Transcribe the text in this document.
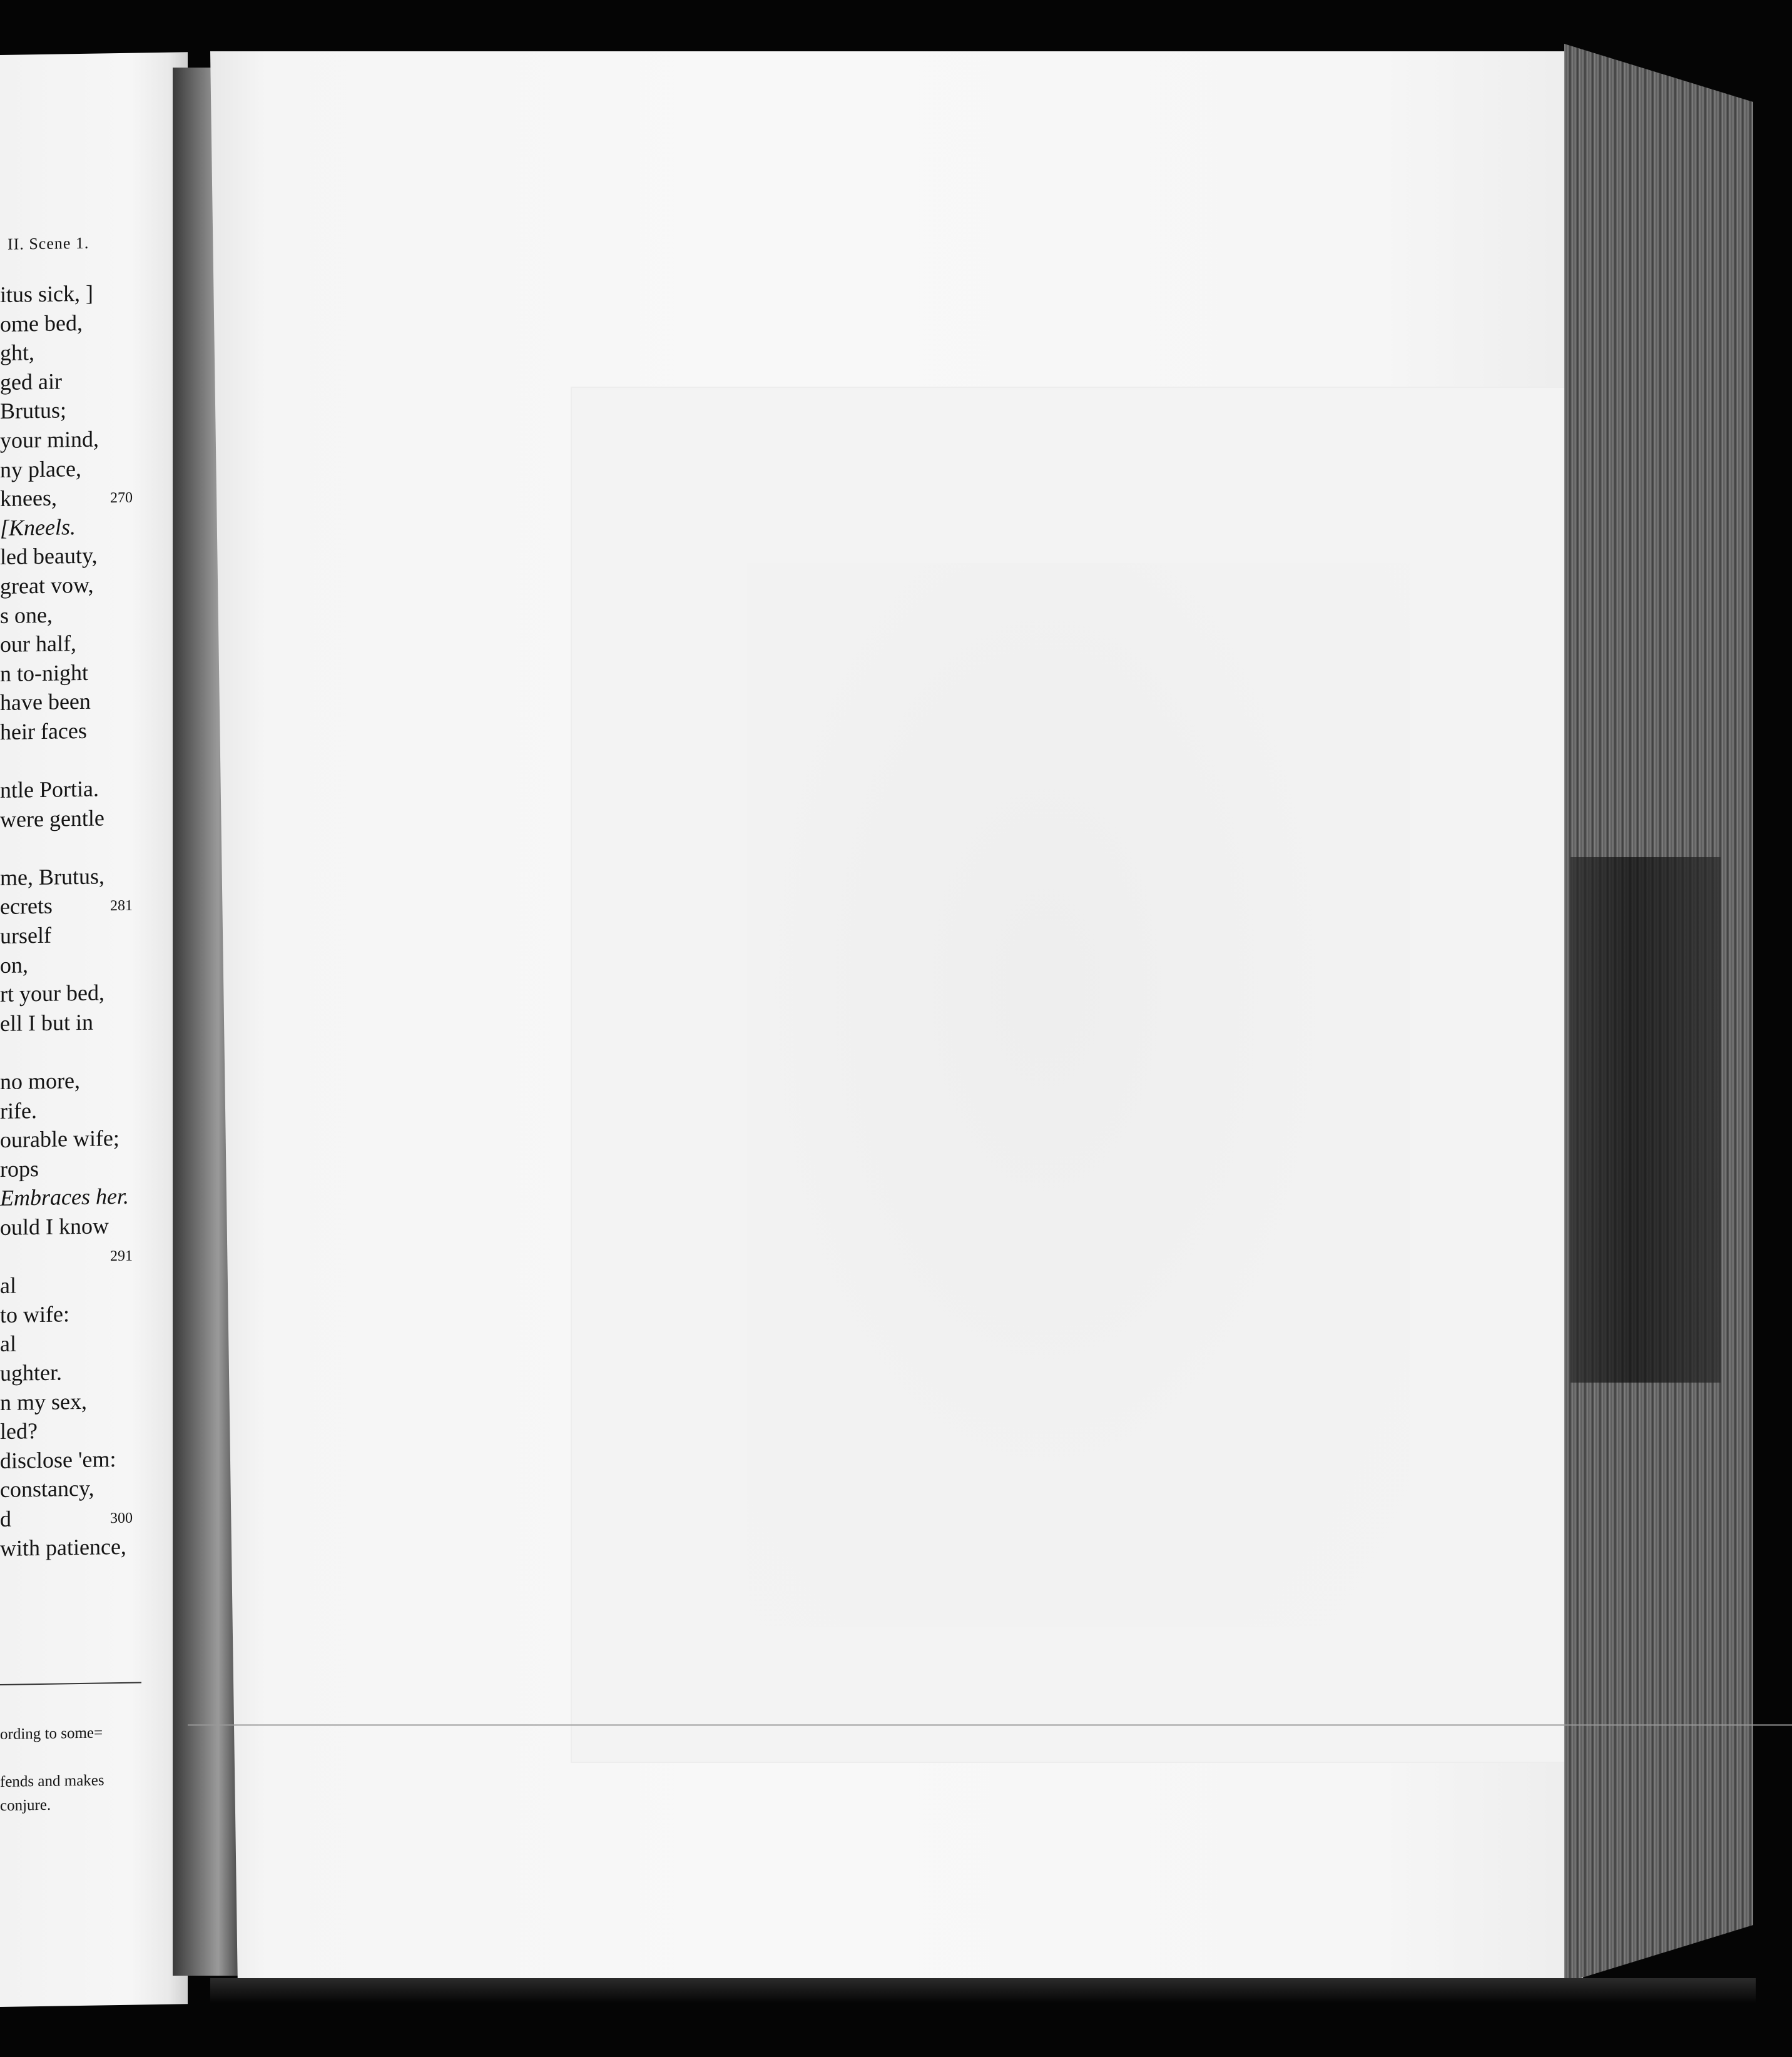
II. Scene 1.
itus sick, ]
ome bed,
ght,
ged air
Brutus;
your mind,
ny place,
knees,	270
[Kneels.
led beauty,
great vow,
s one,
our half,
n to-night
have been
heir faces
ntle Portia.
were gentle
me, Brutus,
ecrets	281
urself
on,
rt your bed,
ell I but in
no more,
rife.
ourable wife;
rops
Embraces her.
ould I know
291
al
to wife:
al
ughter.
n my sex,
led?
disclose 'em:
constancy,
d	300
with patience,
ording to some=
fends and makes
conjure.
